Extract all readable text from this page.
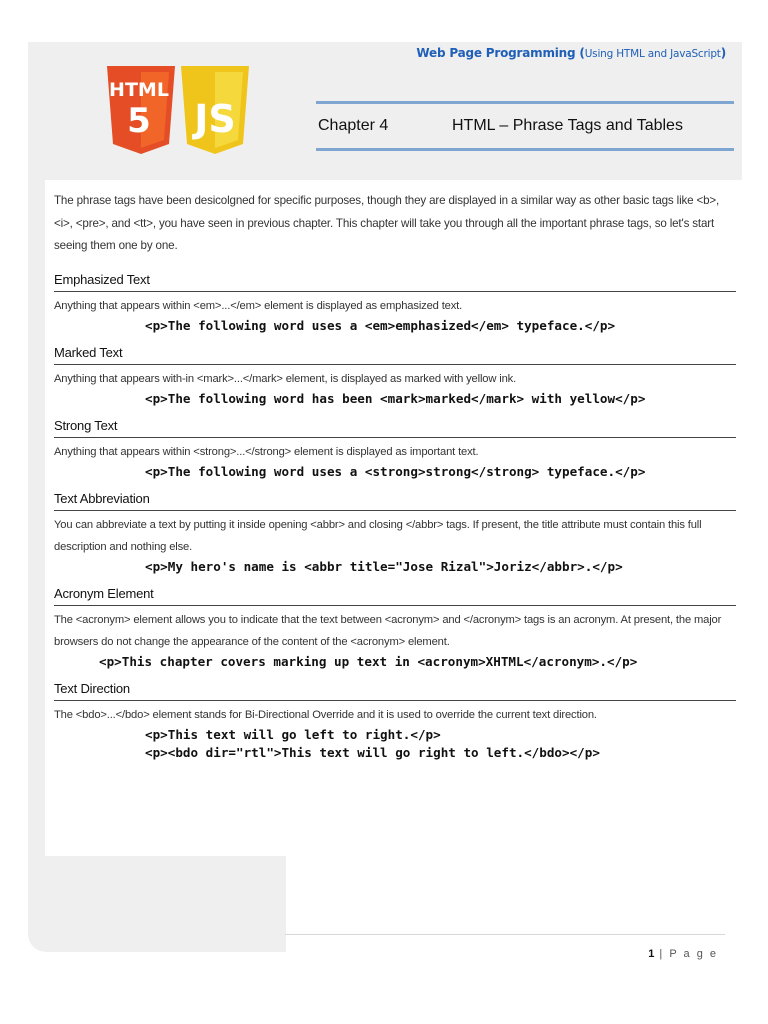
Web Page Programming (Using HTML and JavaScript)
HTML
5 JS	Chapter 4	HTML – Phrase Tags and Tables

The phrase tags have been desicolgned for specific purposes, though they are displayed in a similar way as other basic tags like <b>, <i>, <pre>, and <tt>, you have seen in previous chapter. This chapter will take you through all the important phrase tags, so let's start seeing them one by one.

Emphasized Text
Anything that appears within <em>...</em> element is displayed as emphasized text.
<p>The following word uses a <em>emphasized</em> typeface.</p>
Marked Text
Anything that appears with-in <mark>...</mark> element, is displayed as marked with yellow ink.
<p>The following word has been <mark>marked</mark> with yellow</p>
Strong Text
Anything that appears within <strong>...</strong> element is displayed as important text.
<p>The following word uses a <strong>strong</strong> typeface.</p>
Text Abbreviation
You can abbreviate a text by putting it inside opening <abbr> and closing </abbr> tags. If present, the title attribute must contain this full description and nothing else.
<p>My hero's name is <abbr title="Jose Rizal">Joriz</abbr>.</p>
Acronym Element
The <acronym> element allows you to indicate that the text between <acronym> and </acronym> tags is an acronym. At present, the major browsers do not change the appearance of the content of the <acronym> element.
<p>This chapter covers marking up text in <acronym>XHTML</acronym>.</p>
Text Direction
The <bdo>...</bdo> element stands for Bi-Directional Override and it is used to override the current text direction.
<p>This text will go left to right.</p>
<p><bdo dir="rtl">This text will go right to left.</bdo></p>
1 | P a g e
